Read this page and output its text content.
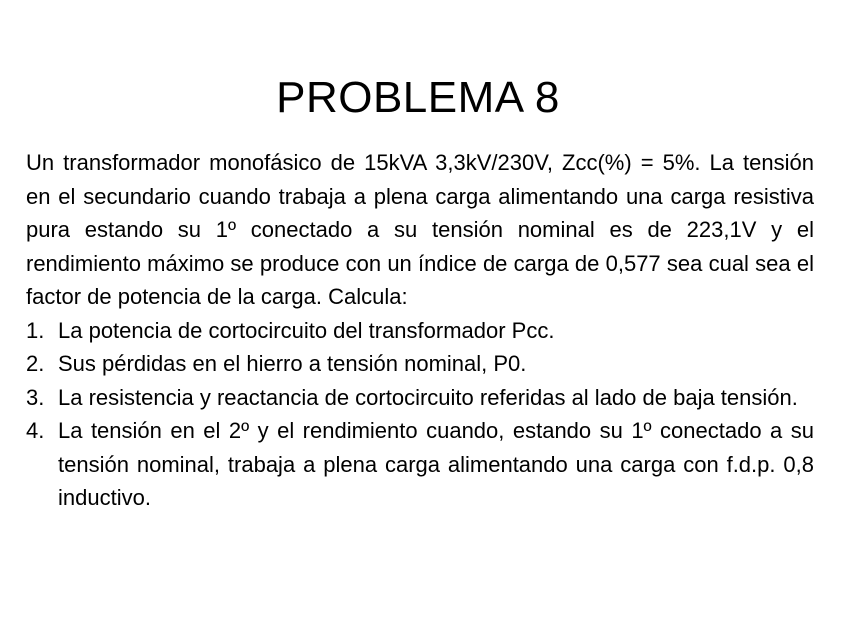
PROBLEMA 8

Un transformador monofásico de 15kVA 3,3kV/230V, Zcc(%) = 5%. La tensión en el secundario cuando trabaja a plena carga alimentando una carga resistiva pura estando su 1º conectado a su tensión nominal es de 223,1V y el rendimiento máximo se produce con un índice de carga de 0,577 sea cual sea el factor de potencia de la carga. Calcula:

1. La potencia de cortocircuito del transformador Pcc.
2. Sus pérdidas en el hierro a tensión nominal, P0.
3. La resistencia y reactancia de cortocircuito referidas al lado de baja tensión.
4. La tensión en el 2º y el rendimiento cuando, estando su 1º conectado a su tensión nominal, trabaja a plena carga alimentando una carga con f.d.p. 0,8 inductivo.
